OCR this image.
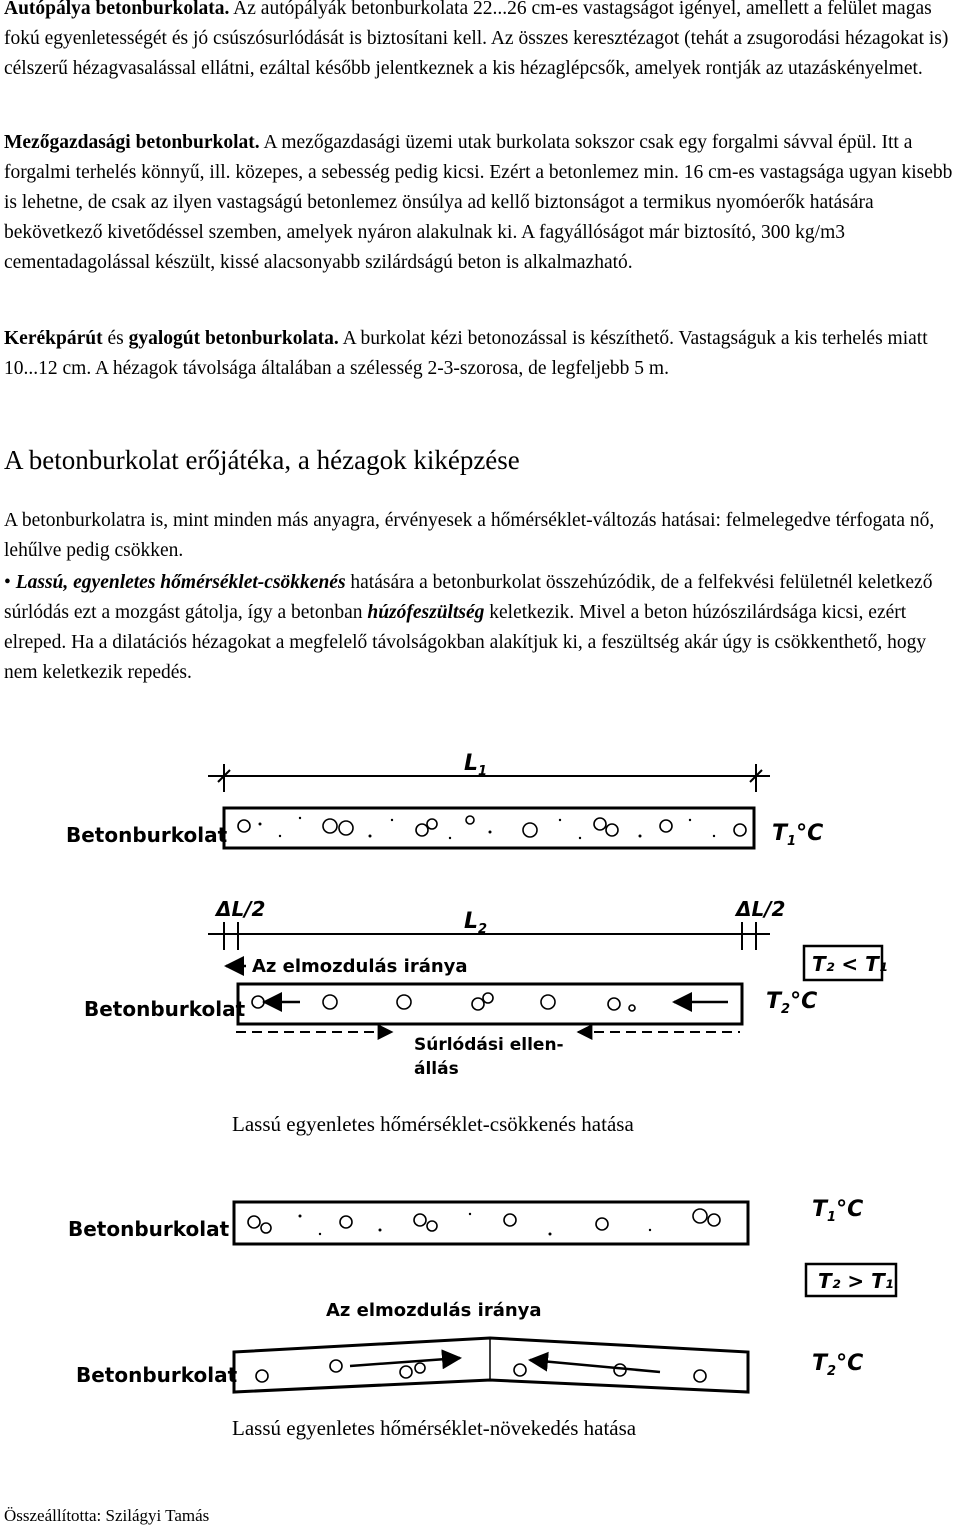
Autópálya betonburkolata. Az autópályák betonburkolata 22...26 cm-es vastagságot igényel, amellett a felület magas fokú egyenletességét és jó csúszósurlódását is biztosítani kell. Az összes keresztézagot (tehát a zsugorodási hézagokat is) célszerű hézagvasalással ellátni, ezáltal később jelentkeznek a kis hézaglépcsők, amelyek rontják az utazáskényelmet.

Mezőgazdasági betonburkolat. A mezőgazdasági üzemi utak burkolata sokszor csak egy forgalmi sávval épül. Itt a forgalmi terhelés könnyű, ill. közepes, a sebesség pedig kicsi. Ezért a betonlemez min. 16 cm-es vastagsága ugyan kisebb is lehetne, de csak az ilyen vastagságú betonlemez önsúlya ad kellő biztonságot a termikus nyomóerők hatására bekövetkező kivetődéssel szemben, amelyek nyáron alakulnak ki. A fagyállóságot már biztosító, 300 kg/m3 cementadagolással készült, kissé alacsonyabb szilárdságú beton is alkalmazható.

Kerékpárút és gyalogút betonburkolata. A burkolat kézi betonozással is készíthető. Vastagságuk a kis terhelés miatt 10...12 cm. A hézagok távolsága általában a szélesség 2-3-szorosa, de legfeljebb 5 m.

A betonburkolat erőjátéka, a hézagok kiképzése

A betonburkolatra is, mint minden más anyagra, érvényesek a hőmérséklet-változás hatásai: felmelegedve térfogata nő, lehűlve pedig csökken.

• Lassú, egyenletes hőmérséklet-csökkenés hatására a betonburkolat összehúzódik, de a felfekvési felületnél keletkező súrlódás ezt a mozgást gátolja, így a betonban húzófeszültség keletkezik. Mivel a beton húzószilárdsága kicsi, ezért elreped. Ha a dilatációs hézagokat a megfelelő távolságokban alakítjuk ki, a feszültség akár úgy is csökkenthető, hogy nem keletkezik repedés.

$L_1$
Betonburkolat	$T_1^\circ C$
ΔL/2	ΔL/2
$L_2$
Az elmozdulás iránya	T₂ < T₁
Betonburkolat	$T_2^\circ C$
Súrlódási ellen-
állás
Lassú egyenletes hőmérséklet-csökkenés hatása
Betonburkolat
$T_1^\circ C$
T₂ > T₁
Az elmozdulás iránya
Betonburkolat	$T_2^\circ C$
Lassú egyenletes hőmérséklet-növekedés hatása
Összeállította: Szilágyi Tamás
